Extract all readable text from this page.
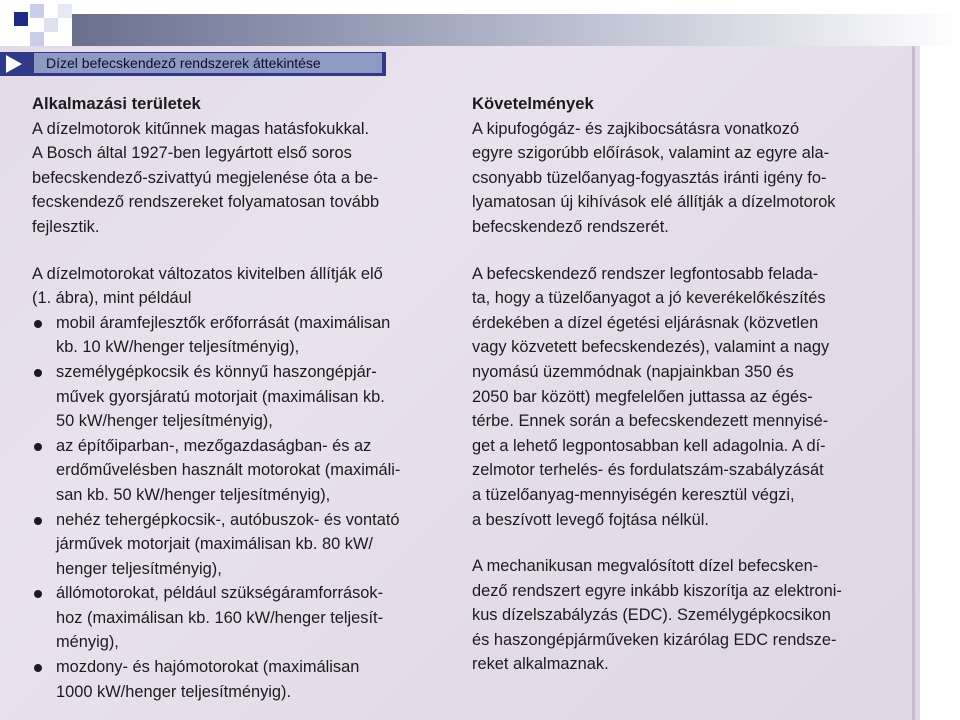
Dízel befecskendező rendszerek áttekintése

Alkalmazási területek

A dízelmotorok kitűnnek magas hatásfokukkal.
A Bosch által 1927-ben legyártott első soros
befecskendező-szivattyú megjelenése óta a be-
fecskendező rendszereket folyamatosan tovább
fejlesztik.
A dízelmotorokat változatos kivitelben állítják elő
(1. ábra), mint például
mobil áramfejlesztők erőforrását (maximálisan
kb. 10 kW/henger teljesítményig),
személygépkocsik és könnyű haszongépjár-
művek gyorsjáratú motorjait (maximálisan kb.
50 kW/henger teljesítményig),
az építőiparban-, mezőgazdaságban- és az
erdőművelésben használt motorokat (maximáli-
san kb. 50 kW/henger teljesítményig),
nehéz tehergépkocsik-, autóbuszok- és vontató
járművek motorjait (maximálisan kb. 80 kW/
henger teljesítményig),
állómotorokat, például szükségáramforrások-
hoz (maximálisan kb. 160 kW/henger teljesít-
ményig),
mozdony- és hajómotorokat (maximálisan
1000 kW/henger teljesítményig).

Követelmények

A kipufogógáz- és zajkibocsátásra vonatkozó
egyre szigorúbb előírások, valamint az egyre ala-
csonyabb tüzelőanyag-fogyasztás iránti igény fo-
lyamatosan új kihívások elé állítják a dízelmotorok
befecskendező rendszerét.
A befecskendező rendszer legfontosabb felada-
ta, hogy a tüzelőanyagot a jó keverékelőkészítés
érdekében a dízel égetési eljárásnak (közvetlen
vagy közvetett befecskendezés), valamint a nagy
nyomású üzemmódnak (napjainkban 350 és
2050 bar között) megfelelően juttassa az égés-
térbe. Ennek során a befecskendezett mennyisé-
get a lehető legpontosabban kell adagolnia. A dí-
zelmotor terhelés- és fordulatszám-szabályzását
a tüzelőanyag-mennyiségén keresztül végzi,
a beszívott levegő fojtása nélkül.
A mechanikusan megvalósított dízel befecsken-
dező rendszert egyre inkább kiszorítja az elektroni-
kus dízelszabályzás (EDC). Személygépkocsikon
és haszongépjárműveken kizárólag EDC rendsze-
reket alkalmaznak.
